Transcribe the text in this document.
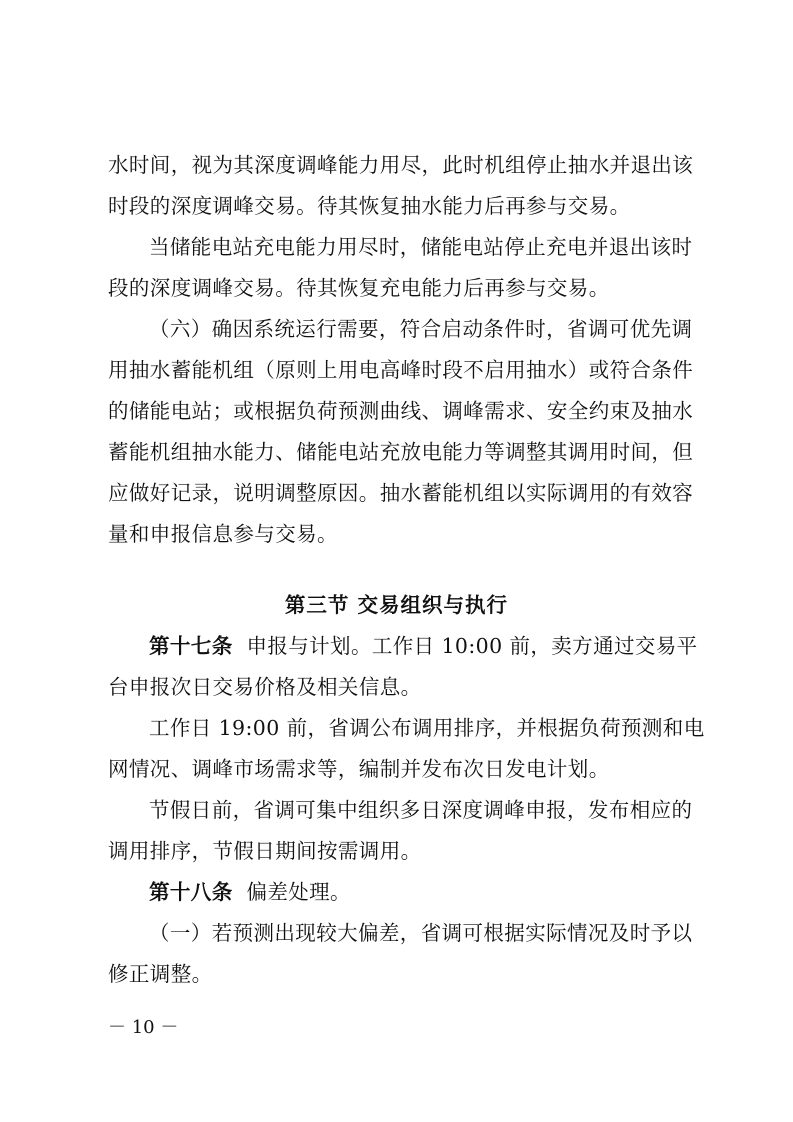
水时间，视为其深度调峰能力用尽，此时机组停止抽水并退出该
时段的深度调峰交易。待其恢复抽水能力后再参与交易。
当储能电站充电能力用尽时，储能电站停止充电并退出该时
段的深度调峰交易。待其恢复充电能力后再参与交易。
（六）确因系统运行需要，符合启动条件时，省调可优先调
用抽水蓄能机组（原则上用电高峰时段不启用抽水）或符合条件
的储能电站；或根据负荷预测曲线、调峰需求、安全约束及抽水
蓄能机组抽水能力、储能电站充放电能力等调整其调用时间，但
应做好记录，说明调整原因。抽水蓄能机组以实际调用的有效容
量和申报信息参与交易。
第三节 交易组织与执行
第十七条 申报与计划。工作日 10:00 前，卖方通过交易平
台申报次日交易价格及相关信息。
工作日 19:00 前，省调公布调用排序，并根据负荷预测和电
网情况、调峰市场需求等，编制并发布次日发电计划。
节假日前，省调可集中组织多日深度调峰申报，发布相应的
调用排序，节假日期间按需调用。
第十八条 偏差处理。
（一）若预测出现较大偏差，省调可根据实际情况及时予以
修正调整。
－ 10 －
